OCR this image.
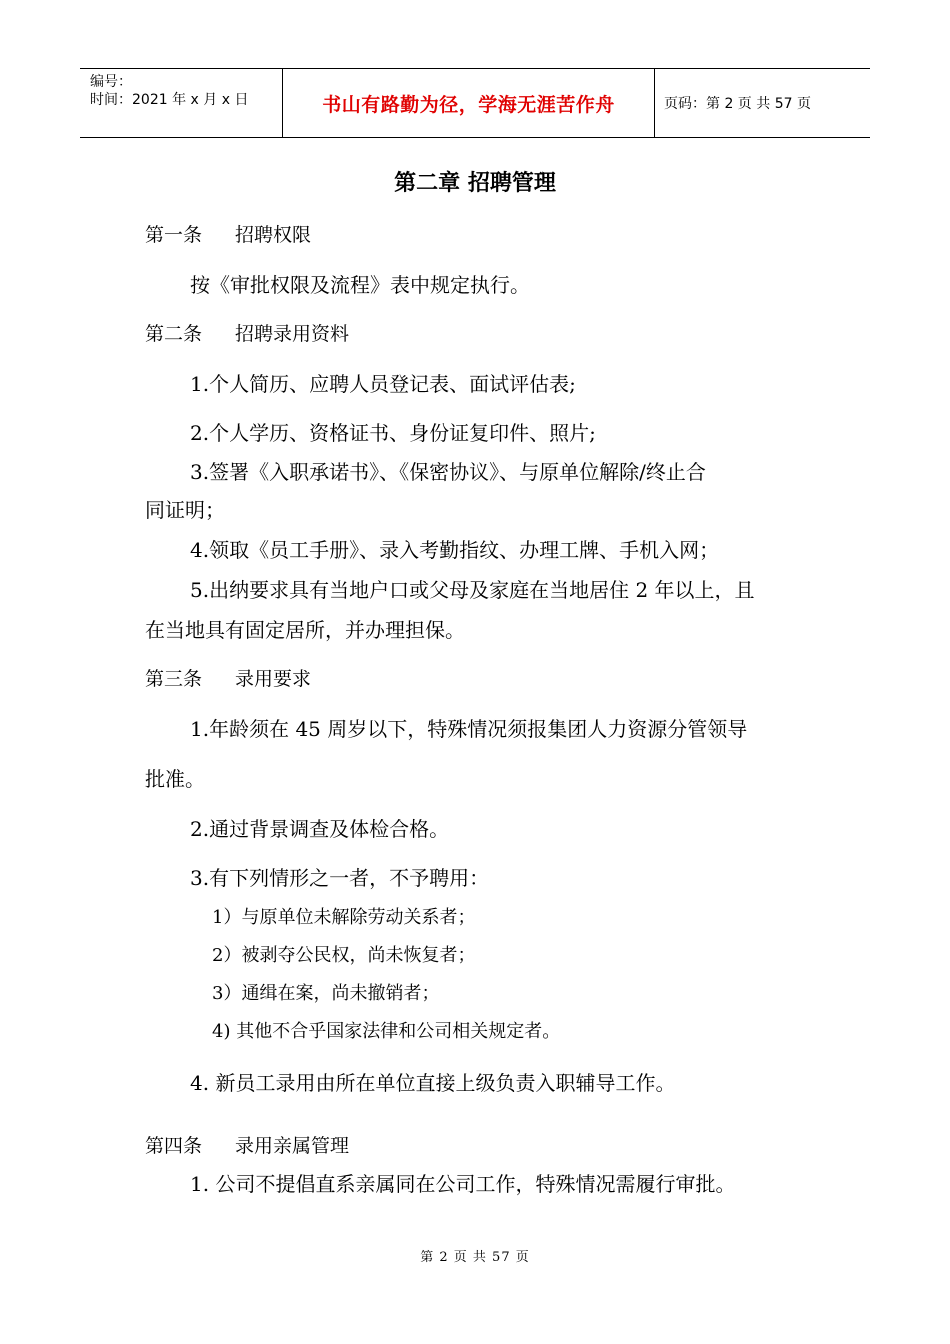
编号：
时间：2021 年 x 月 x 日	书山有路勤为径，学海无涯苦作舟	页码：第 2 页 共 57 页
第二章 招聘管理
第一条 招聘权限
按《审批权限及流程》表中规定执行。
第二条 招聘录用资料
1.个人简历、应聘人员登记表、面试评估表;
2.个人学历、资格证书、身份证复印件、照片;
3.签署《入职承诺书》、《保密协议》、与原单位解除/终止合
同证明；
4.领取《员工手册》、录入考勤指纹、办理工牌、手机入网；
5.出纳要求具有当地户口或父母及家庭在当地居住 2 年以上，且
在当地具有固定居所，并办理担保。
第三条 录用要求
1.年龄须在 45 周岁以下，特殊情况须报集团人力资源分管领导
批准。
2.通过背景调查及体检合格。
3.有下列情形之一者，不予聘用：
1）与原单位未解除劳动关系者；
2）被剥夺公民权，尚未恢复者；
3）通缉在案，尚未撤销者；
4) 其他不合乎国家法律和公司相关规定者。
4. 新员工录用由所在单位直接上级负责入职辅导工作。
第四条 录用亲属管理
1. 公司不提倡直系亲属同在公司工作，特殊情况需履行审批。
第 2 页 共 57 页
